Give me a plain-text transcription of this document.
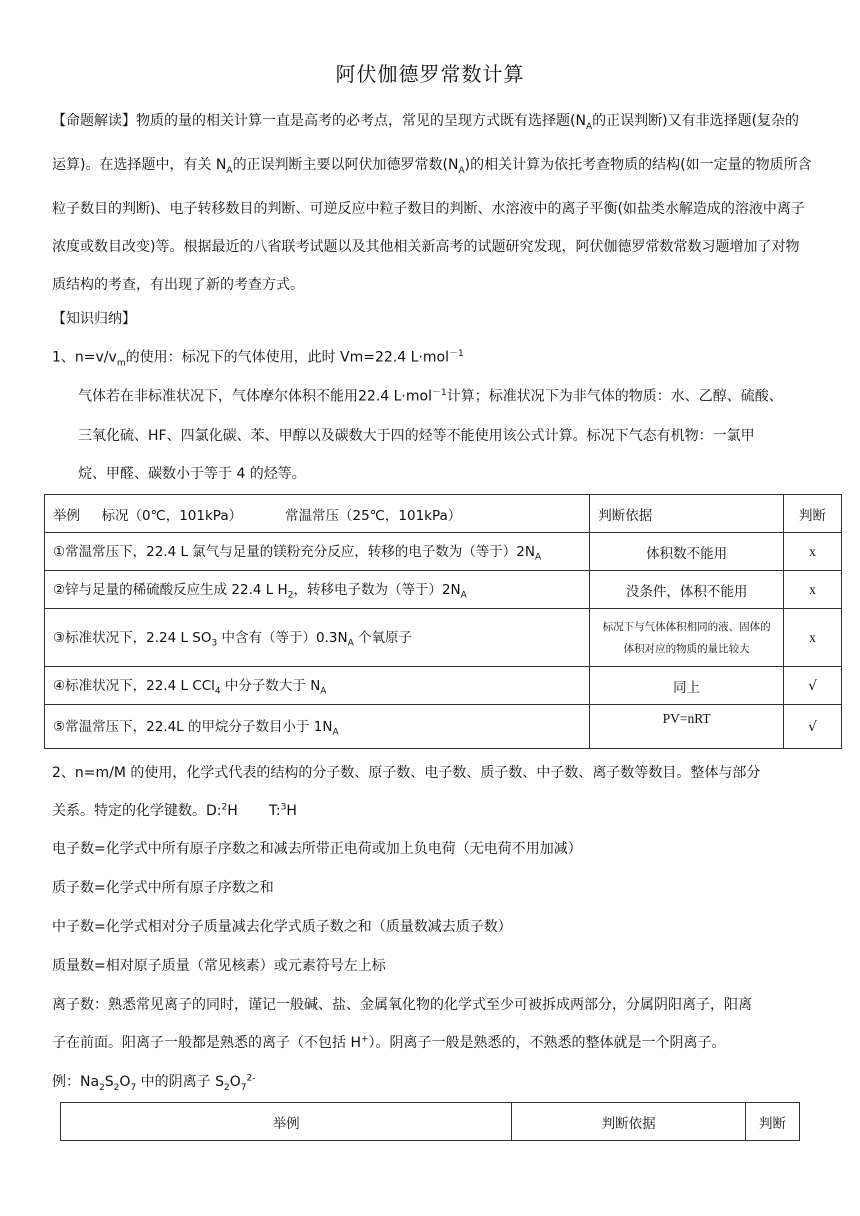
阿伏伽德罗常数计算
【命题解读】物质的量的相关计算一直是高考的必考点，常见的呈现方式既有选择题($N_A$的正误判断)又有非选择题(复杂的运算)。在选择题中，有关 $N_A$的正误判断主要以阿伏加德罗常数$(N_A)$的相关计算为依托考查物质的结构(如一定量的物质所含粒子数目的判断)、电子转移数目的判断、可逆反应中粒子数目的判断、水溶液中的离子平衡(如盐类水解造成的溶液中离子浓度或数目改变)等。根据最近的八省联考试题以及其他相关新高考的试题研究发现，阿伏伽德罗常数常数习题增加了对物质结构的考查，有出现了新的考查方式。
【知识归纳】
1、$n=v/v_m$的使用：标况下的气体使用，此时 Vm=22.4 L·mol$^{-1}$
气体若在非标准状况下，气体摩尔体积不能用22.4 L·mol$^{-1}$计算；标准状况下为非气体的物质：水、乙醇、硫酸、
三氧化硫、HF、四氯化碳、苯、甲醇以及碳数大于四的烃等不能使用该公式计算。标况下气态有机物：一氯甲
烷、甲醛、碳数小于等于 4 的烃等。
举例 标况（0℃，101kPa） 常温常压（25℃，101kPa）	判断依据	判断
①常温常压下，22.4 L 氯气与足量的镁粉充分反应，转移的电子数为（等于）$2N_A$	体积数不能用	x
②锌与足量的稀硫酸反应生成 22.4 L $H_2$，转移电子数为（等于）$2N_A$	没条件，体积不能用	x
③标准状况下，2.24 L $SO_3$ 中含有（等于）$0.3N_A$ 个氧原子	标况下与气体体积相同的液、固体的体积对应的物质的量比较大	x
④标准状况下，22.4 L CCl$_4$ 中分子数大于 $N_A$	同上	√
⑤常温常压下，22.4L 的甲烷分子数目小于 $1N_A$	PV=nRT	√
2、n=m/M 的使用，化学式代表的结构的分子数、原子数、电子数、质子数、中子数、离子数等数目。整体与部分
关系。特定的化学键数。D:$^2$H       T:$^3$H
电子数=化学式中所有原子序数之和减去所带正电荷或加上负电荷（无电荷不用加减）
质子数=化学式中所有原子序数之和
中子数=化学式相对分子质量减去化学式质子数之和（质量数减去质子数）
质量数=相对原子质量（常见核素）或元素符号左上标
离子数：熟悉常见离子的同时，谨记一般碱、盐、金属氧化物的化学式至少可被拆成两部分，分属阴阳离子，阳离
子在前面。阳离子一般都是熟悉的离子（不包括 H+）。阴离子一般是熟悉的，不熟悉的整体就是一个阴离子。
例：$Na_2S_2O_7$ 中的阴离子 $S_2O_7^{2-}$
举例	判断依据	判断
